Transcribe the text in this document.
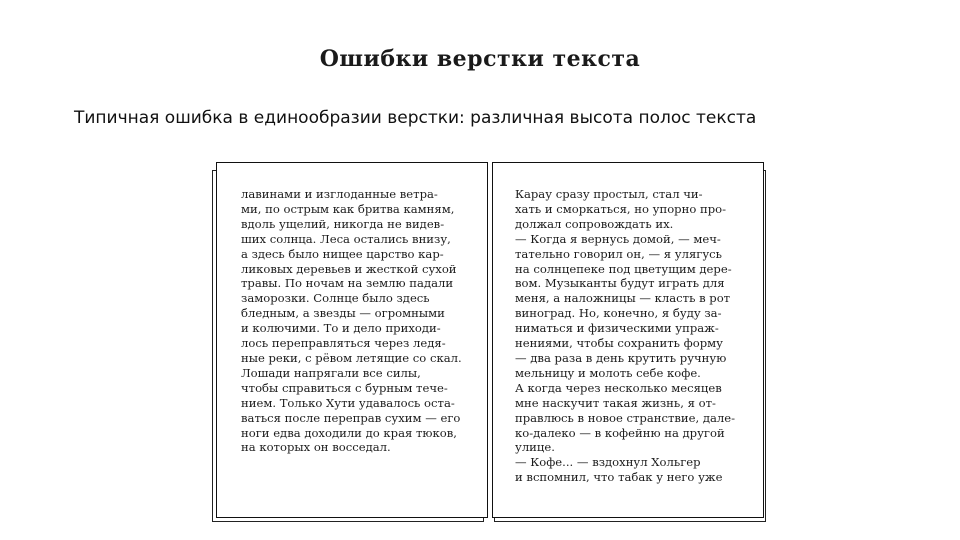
Ошибки верстки текста
Типичная ошибка в единообразии верстки: различная высота полос текста
лавинами и изглоданные ветра-
ми, по острым как бритва камням,
вдоль ущелий, никогда не видев-
ших солнца. Леса остались внизу,
а здесь было нищее царство кар-
ликовых деревьев и жесткой сухой
травы. По ночам на землю падали
заморозки. Солнце было здесь
бледным, а звезды — огромными
и колючими. То и дело приходи-
лось переправляться через ледя-
ные реки, с рёвом летящие со скал.
Лошади напрягали все силы,
чтобы справиться с бурным тече-
нием. Только Хути удавалось оста-
ваться после переправ сухим — его
ноги едва доходили до края тюков,
на которых он восседал.
Карау сразу простыл, стал чи-
хать и сморкаться, но упорно про-
должал сопровождать их.
— Когда я вернусь домой, — меч-
тательно говорил он, — я улягусь
на солнцепеке под цветущим дере-
вом. Музыканты будут играть для
меня, а наложницы — класть в рот
виноград. Но, конечно, я буду за-
ниматься и физическими упраж-
нениями, чтобы сохранить форму
— два раза в день крутить ручную
мельницу и молоть себе кофе.
А когда через несколько месяцев
мне наскучит такая жизнь, я от-
правлюсь в новое странствие, дале-
ко-далеко — в кофейню на другой
улице.
— Кофе... — вздохнул Хольгер
и вспомнил, что табак у него уже
